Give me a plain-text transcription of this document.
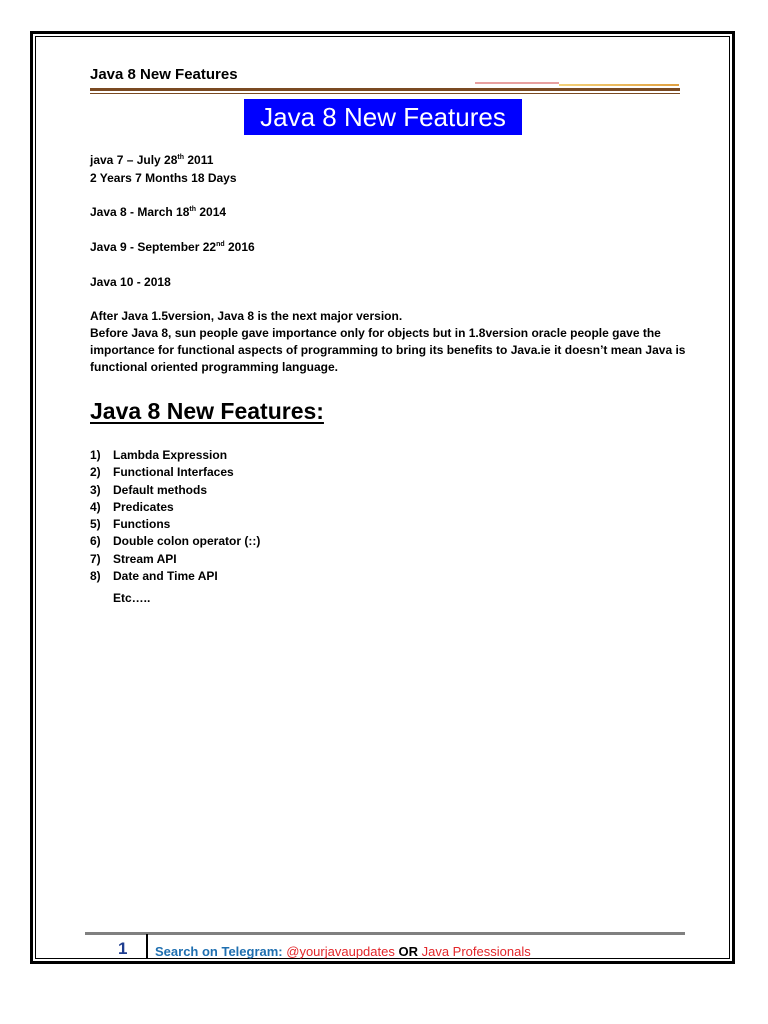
Java 8 New Features
Java 8 New Features
java 7 – July 28th 2011
2 Years 7 Months 18 Days
Java 8 - March 18th 2014
Java 9 - September 22nd 2016
Java 10 - 2018
After Java 1.5version, Java 8 is the next major version.
Before Java 8, sun people gave importance only for objects but in 1.8version oracle people gave the importance for functional aspects of programming to bring its benefits to Java.ie it doesn’t mean Java is functional oriented programming language.
Java 8 New Features:
1)	Lambda Expression
2)	Functional Interfaces
3)	Default methods
4)	Predicates
5)	Functions
6)	Double colon operator (::)
7)	Stream API
8)	Date and Time API
Etc…..
1 Search on Telegram: @yourjavaupdates OR Java Professionals
